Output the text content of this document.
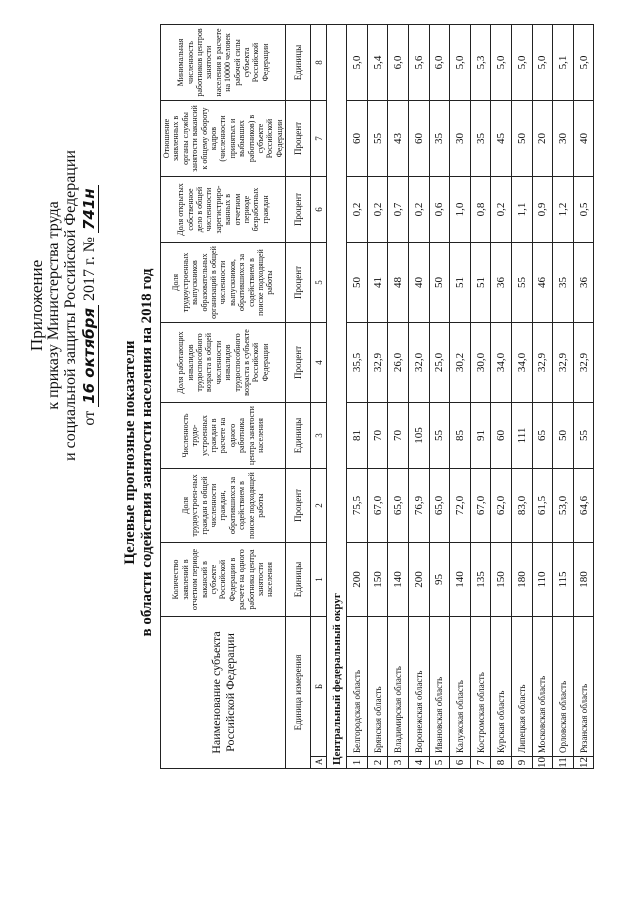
Приложение к приказу Министерства труда и социальной защиты Российской Федерации от 16 октября 2017 г. № 741н
Целевые прогнозные показатели в области содействия занятости населения на 2018 год
Наименование субъекта Российской Федерации		Количество заявлений в отчетном периоде вакансий в субъекте Российской Федерации в расчете на одного работника центра занятости населения	Доля трудоустроен-ных граждан в общей численности граждан, обратившихся за содействием в поиске подходящей работы	Численность трудо-устроенных граждан в расчете на одного работника центра занятости населения	Доля работающих инвалидов трудоспособного возраста в общей численности инвалидов трудоспособного возраста в субъекте Российской Федерации	Доля трудоустроенных выпускников образовательных организаций в общей численности выпускников, обратившихся за содействием в поиске подходящей работы	Доля открытых собственное дело в общей численности зарегистриро-ванных в отчетном периоде безработных граждан	Отношение заявленных в органы службы занятости вакансий к общему обороту кадров (численности принятых и выбывших работников) в субъекте Российской Федерации	Минимальная численность работников центров занятости населения в расчете на 10000 человек рабочей силы субъекта Российской Федерации
Единица измерения		Единицы	Процент	Единицы	Процент	Процент	Процент	Процент	Единицы
А	Б	1	2	3	4	5	6	7	8
Центральный федеральный округ									
1	Белгородская область	200	75,5	81	35,5	50	0,2	60	5,0
2	Брянская область	150	67,0	70	32,9	41	0,2	55	5,4
3	Владимирская область	140	65,0	70	26,0	48	0,7	43	6,0
4	Воронежская область	200	76,9	105	32,0	40	0,2	60	5,6
5	Ивановская область	95	65,0	55	25,0	50	0,6	35	6,0
6	Калужская область	140	72,0	85	30,2	51	1,0	30	5,0
7	Костромская область	135	67,0	91	30,0	51	0,8	35	5,3
8	Курская область	150	62,0	60	34,0	36	0,2	45	5,0
9	Липецкая область	180	83,0	111	34,0	55	1,1	50	5,0
10	Московская область	110	61,5	65	32,9	46	0,9	20	5,0
11	Орловская область	115	53,0	50	32,9	35	1,2	30	5,1
12	Рязанская область	180	64,6	55	32,9	36	0,5	40	5,0
